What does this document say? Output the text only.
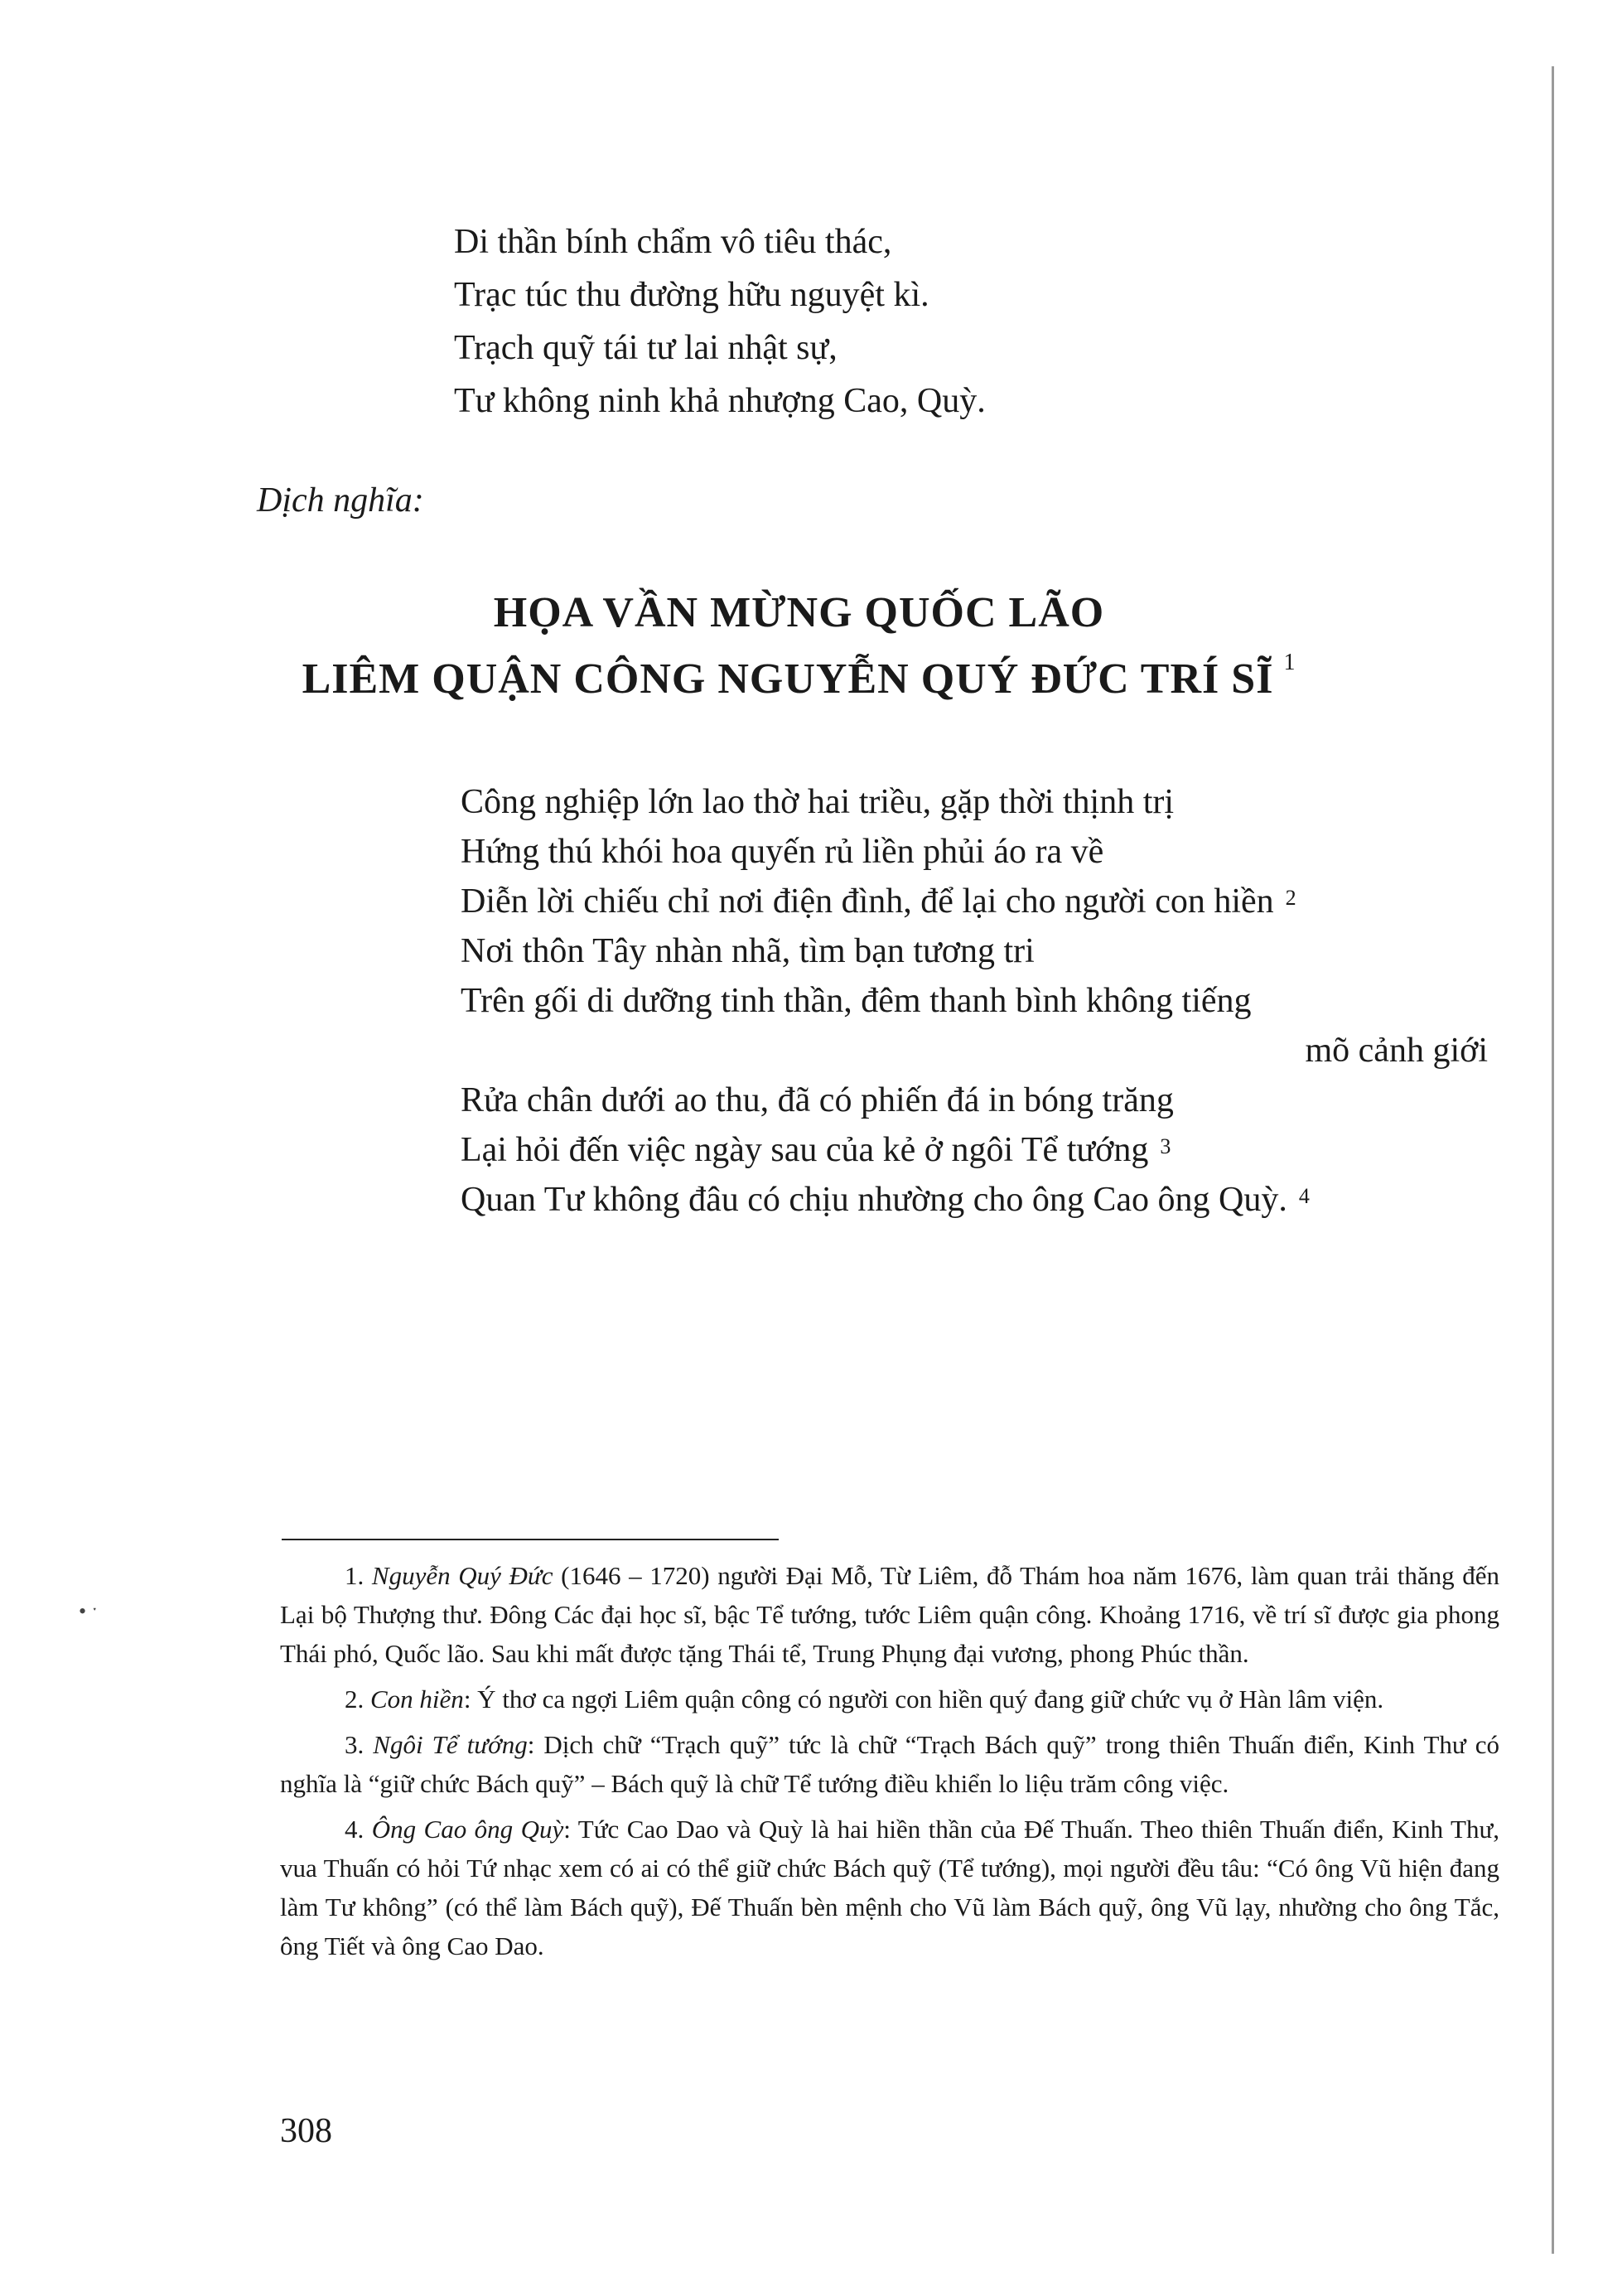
Di thần bính chẩm vô tiêu thác,
Trạc túc thu đường hữu nguyệt kì.
Trạch quỹ tái tư lai nhật sự,
Tư không ninh khả nhượng Cao, Quỳ.
Dịch nghĩa:
HỌA VẦN MỪNG QUỐC LÃO
LIÊM QUẬN CÔNG NGUYỄN QUÝ ĐỨC TRÍ SĨ $^1$
Công nghiệp lớn lao thờ hai triều, gặp thời thịnh trị
Hứng thú khói hoa quyến rủ liền phủi áo ra về
Diễn lời chiếu chỉ nơi điện đình, để lại cho người con hiền $^2$
Nơi thôn Tây nhàn nhã, tìm bạn tương tri
Trên gối di dưỡng tinh thần, đêm thanh bình không tiếng
mõ cảnh giới
Rửa chân dưới ao thu, đã có phiến đá in bóng trăng
Lại hỏi đến việc ngày sau của kẻ ở ngôi Tể tướng $^3$
Quan Tư không đâu có chịu nhường cho ông Cao ông Quỳ. $^4$
• ˑ

1. Nguyễn Quý Đức (1646 – 1720) người Đại Mỗ, Từ Liêm, đỗ Thám hoa năm 1676, làm quan trải thăng đến Lại bộ Thượng thư. Đông Các đại học sĩ, bậc Tể tướng, tước Liêm quận công. Khoảng 1716, về trí sĩ được gia phong Thái phó, Quốc lão. Sau khi mất được tặng Thái tể, Trung Phụng đại vương, phong Phúc thần.

2. Con hiền: Ý thơ ca ngợi Liêm quận công có người con hiền quý đang giữ chức vụ ở Hàn lâm viện.

3. Ngôi Tể tướng: Dịch chữ “Trạch quỹ” tức là chữ “Trạch Bách quỹ” trong thiên Thuấn điển, Kinh Thư có nghĩa là “giữ chức Bách quỹ” – Bách quỹ là chữ Tể tướng điều khiển lo liệu trăm công việc.

4. Ông Cao ông Quỳ: Tức Cao Dao và Quỳ là hai hiền thần của Đế Thuấn. Theo thiên Thuấn điển, Kinh Thư, vua Thuấn có hỏi Tứ nhạc xem có ai có thể giữ chức Bách quỹ (Tể tướng), mọi người đều tâu: “Có ông Vũ hiện đang làm Tư không” (có thể làm Bách quỹ), Đế Thuấn bèn mệnh cho Vũ làm Bách quỹ, ông Vũ lạy, nhường cho ông Tắc, ông Tiết và ông Cao Dao.

308
